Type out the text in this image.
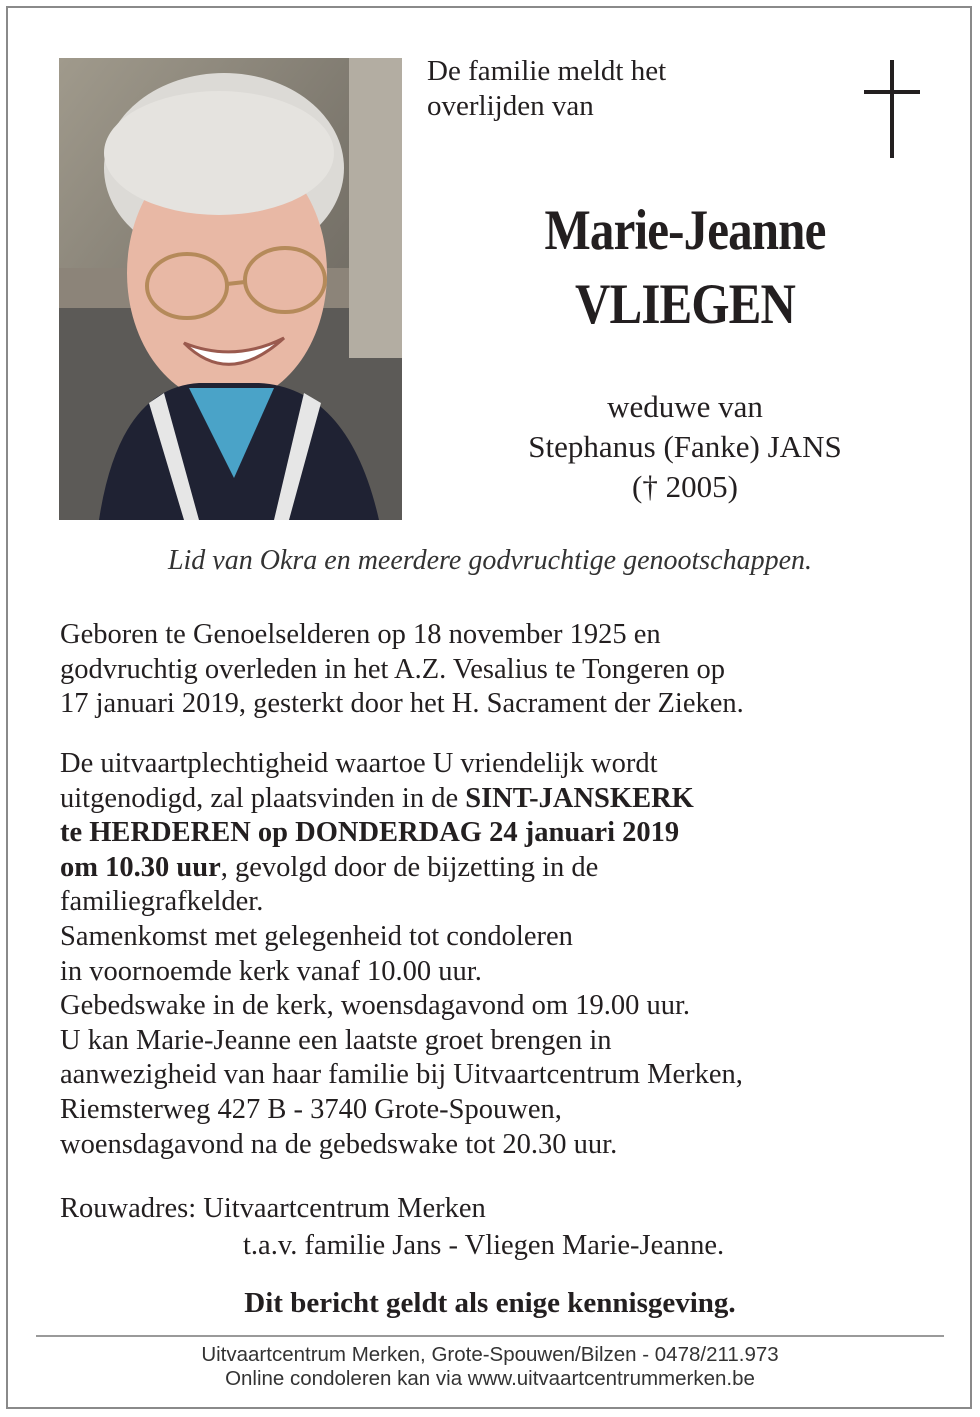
De familie meldt het
overlijden van
Marie-Jeanne
VLIEGEN
weduwe van
Stephanus (Fanke) JANS
(† 2005)
Lid van Okra en meerdere godvruchtige genootschappen.
Geboren te Genoelselderen op 18 november 1925 en
godvruchtig overleden in het A.Z. Vesalius te Tongeren op
17 januari 2019, gesterkt door het H. Sacrament der Zieken.
De uitvaartplechtigheid waartoe U vriendelijk wordt
uitgenodigd, zal plaatsvinden in de SINT-JANSKERK
te HERDEREN op DONDERDAG 24 januari 2019
om 10.30 uur, gevolgd door de bijzetting in de
familiegrafkelder.
Samenkomst met gelegenheid tot condoleren
in voornoemde kerk vanaf 10.00 uur.
Gebedswake in de kerk, woensdagavond om 19.00 uur.
U kan Marie-Jeanne een laatste groet brengen in
aanwezigheid van haar familie bij Uitvaartcentrum Merken,
Riemsterweg 427 B - 3740 Grote-Spouwen,
woensdagavond na de gebedswake tot 20.30 uur.
Rouwadres: Uitvaartcentrum Merken
t.a.v. familie Jans - Vliegen Marie-Jeanne.
Dit bericht geldt als enige kennisgeving.
Uitvaartcentrum Merken, Grote-Spouwen/Bilzen - 0478/211.973
Online condoleren kan via www.uitvaartcentrummerken.be
